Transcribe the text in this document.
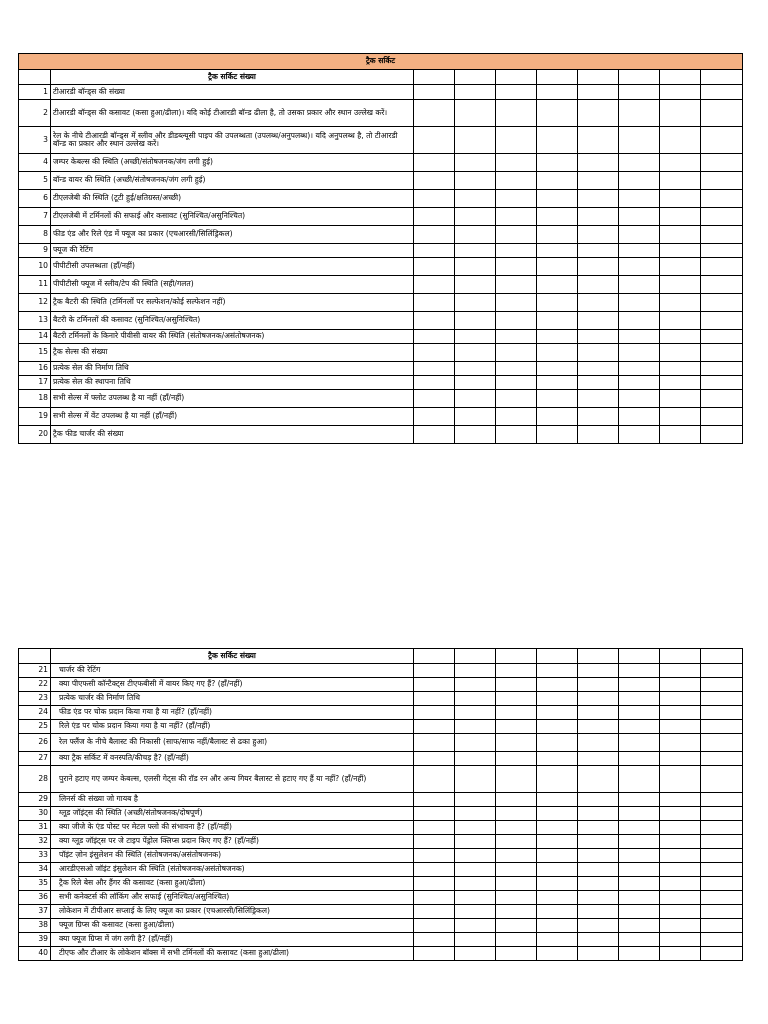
ट्रैक सर्किट									
	ट्रैक सर्किट संख्या								
1	टीआरडी बॉन्ड्स की संख्या								
2	टीआरडी बॉन्ड्स की कसावट (कसा हुआ/ढीला)। यदि कोई टीआरडी बॉन्ड ढीला है, तो उसका प्रकार और स्थान उल्लेख करें।								
3	रेल के नीचे टीआरडी बॉन्ड्स में स्लीव और डीडब्ल्यूसी पाइप की उपलब्धता (उपलब्ध/अनुपलब्ध)। यदि अनुपलब्ध है, तो टीआरडी बॉन्ड का प्रकार और स्थान उल्लेख करें।								
4	जम्पर केबल्स की स्थिति (अच्छी/संतोषजनक/जंग लगी हुई)								
5	बॉन्ड वायर की स्थिति (अच्छी/संतोषजनक/जंग लगी हुई)								
6	टीएलजेबी की स्थिति (टूटी हुई/क्षतिग्रस्त/अच्छी)								
7	टीएलजेबी में टर्मिनलों की सफाई और कसावट (सुनिश्चित/असुनिश्चित)								
8	फीड एंड और रिले एंड में फ्यूज का प्रकार (एचआरसी/सिलिंड्रिकल)								
9	फ्यूज की रेटिंग								
10	पीपीटीसी उपलब्धता (हाँ/नहीं)								
11	पीपीटीसी फ्यूज में स्लीव/टेप की स्थिति (सही/गलत)								
12	ट्रैक बैटरी की स्थिति (टर्मिनलों पर सल्फेशन/कोई सल्फेशन नहीं)								
13	बैटरी के टर्मिनलों की कसावट (सुनिश्चित/असुनिश्चित)								
14	बैटरी टर्मिनलों के किनारे पीवीसी वायर की स्थिति (संतोषजनक/असंतोषजनक)								
15	ट्रैक सेल्स की संख्या								
16	प्रत्येक सेल की निर्माण तिथि								
17	प्रत्येक सेल की स्थापना तिथि								
18	सभी सेल्स में फ्लोट उपलब्ध है या नहीं (हाँ/नहीं)								
19	सभी सेल्स में वेंट उपलब्ध है या नहीं (हाँ/नहीं)								
20	ट्रैक फीड चार्जर की संख्या								
	ट्रैक सर्किट संख्या								
21	चार्जर की रेटिंग								
22	क्या पीएफसी कॉन्टैक्ट्स टीएफबीसी में वायर किए गए हैं? (हाँ/नहीं)								
23	प्रत्येक चार्जर की निर्माण तिथि								
24	फीड एंड पर चोक प्रदान किया गया है या नहीं? (हाँ/नहीं)								
25	रिले एंड पर चोक प्रदान किया गया है या नहीं? (हाँ/नहीं)								
26	रेल फ्लैंज के नीचे बैलास्ट की निकासी (साफ/साफ नहीं/बैलास्ट से ढका हुआ)								
27	क्या ट्रैक सर्किट में वनस्पति/कीचड़ है? (हाँ/नहीं)								
28	पुराने हटाए गए जम्पर केबल्स, एलसी गेट्स की रॉड रन और अन्य गियर बैलास्ट से हटाए गए हैं या नहीं? (हाँ/नहीं)								
29	लिनर्स की संख्या जो गायब है								
30	ग्लूड जॉइंट्स की स्थिति (अच्छी/संतोषजनक/दोषपूर्ण)								
31	क्या जीजे के एंड पोस्ट पर मेटल फ्लो की संभावना है? (हाँ/नहीं)								
32	क्या ग्लूड जॉइंट्स पर जे टाइप पेंड्रोल क्लिप्स प्रदान किए गए हैं? (हाँ/नहीं)								
33	पॉइंट ज़ोन इंसुलेशन की स्थिति (संतोषजनक/असंतोषजनक)								
34	आरडीएसओ जॉइंट इंसुलेशन की स्थिति (संतोषजनक/असंतोषजनक)								
35	ट्रैक रिले बेस और हैंगर की कसावट (कसा हुआ/ढीला)								
36	सभी कनेक्टर्स की लॉकिंग और सफाई (सुनिश्चित/असुनिश्चित)								
37	लोकेशन में टीपीआर सप्लाई के लिए फ्यूज का प्रकार (एचआरसी/सिलिंड्रिकल)								
38	फ्यूज ग्रिप्स की कसावट (कसा हुआ/ढीला)								
39	क्या फ्यूज ग्रिप्स में जंग लगी है? (हाँ/नहीं)								
40	टीएफ और टीआर के लोकेशन बॉक्स में सभी टर्मिनलों की कसावट (कसा हुआ/ढीला)								
